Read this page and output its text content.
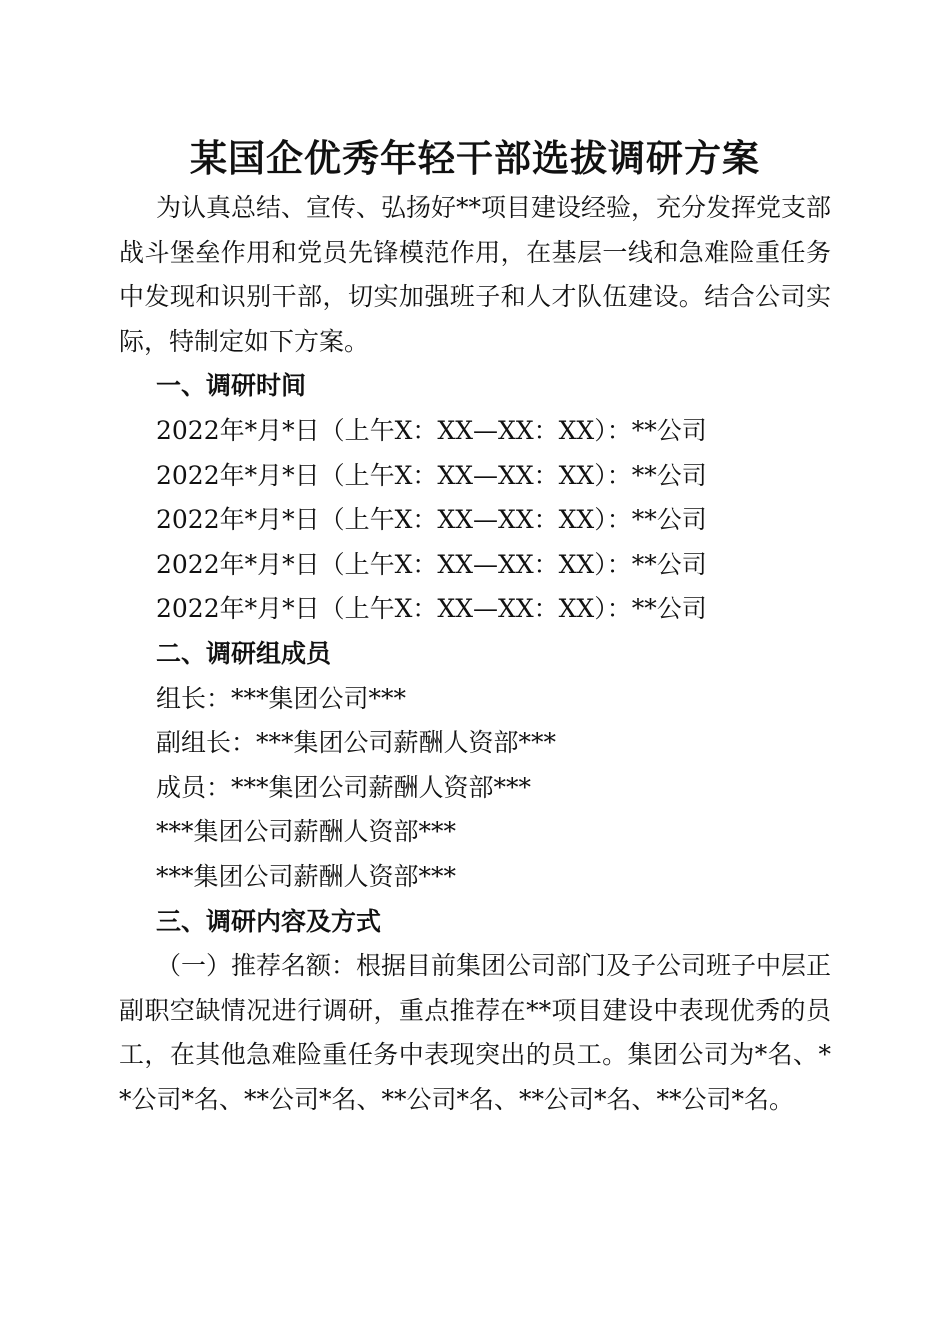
某国企优秀年轻干部选拔调研方案

为认真总结、宣传、弘扬好**项目建设经验，充分发挥党支部战斗堡垒作用和党员先锋模范作用，在基层一线和急难险重任务中发现和识别干部，切实加强班子和人才队伍建设。结合公司实际，特制定如下方案。

一、调研时间

2022年*月*日（上午X：XX—XX：XX）：**公司

2022年*月*日（上午X：XX—XX：XX）：**公司

2022年*月*日（上午X：XX—XX：XX）：**公司

2022年*月*日（上午X：XX—XX：XX）：**公司

2022年*月*日（上午X：XX—XX：XX）：**公司

二、调研组成员

组长：***集团公司***

副组长：***集团公司薪酬人资部***

成员：***集团公司薪酬人资部***

***集团公司薪酬人资部***

***集团公司薪酬人资部***

三、调研内容及方式

（一）推荐名额：根据目前集团公司部门及子公司班子中层正副职空缺情况进行调研，重点推荐在**项目建设中表现优秀的员工，在其他急难险重任务中表现突出的员工。集团公司为*名、**公司*名、**公司*名、**公司*名、**公司*名、**公司*名。
